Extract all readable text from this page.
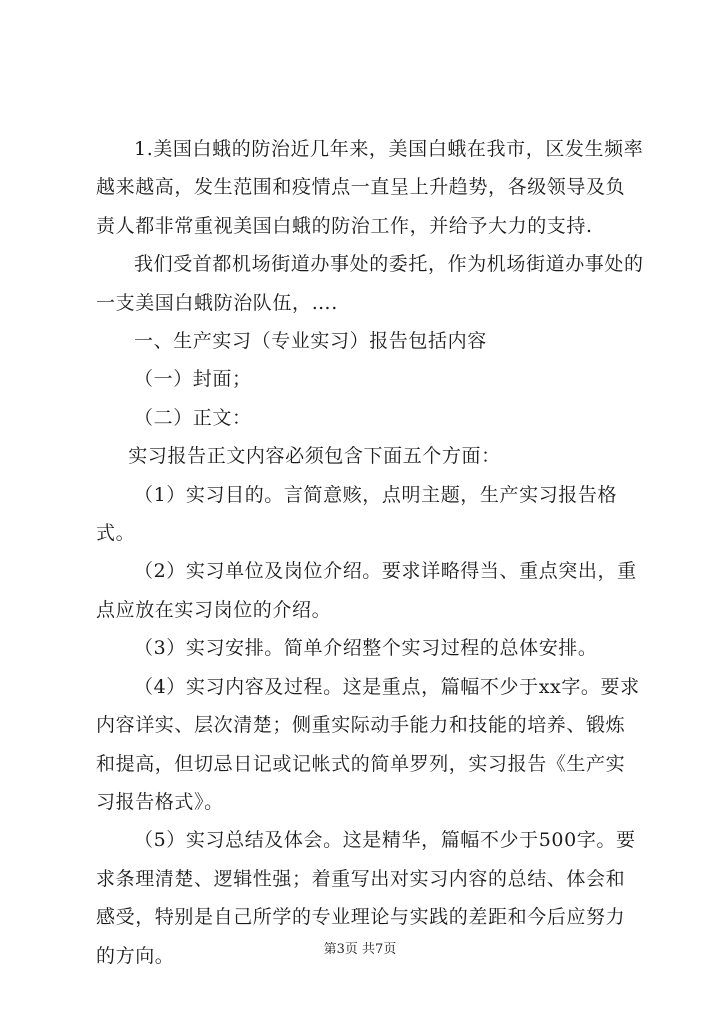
1.美国白蛾的防治近几年来，美国白蛾在我市，区发生频率越来越高，发生范围和疫情点一直呈上升趋势，各级领导及负责人都非常重视美国白蛾的防治工作，并给予大力的支持.

我们受首都机场街道办事处的委托，作为机场街道办事处的一支美国白蛾防治队伍，….

一、生产实习（专业实习）报告包括内容

（一）封面；

（二）正文：

实习报告正文内容必须包含下面五个方面：

（1）实习目的。言简意赅，点明主题，生产实习报告格式。

（2）实习单位及岗位介绍。要求详略得当、重点突出，重点应放在实习岗位的介绍。

（3）实习安排。简单介绍整个实习过程的总体安排。

（4）实习内容及过程。这是重点，篇幅不少于xx字。要求内容详实、层次清楚；侧重实际动手能力和技能的培养、锻炼和提高，但切忌日记或记帐式的简单罗列，实习报告《生产实习报告格式》。

（5）实习总结及体会。这是精华，篇幅不少于500字。要求条理清楚、逻辑性强；着重写出对实习内容的总结、体会和感受，特别是自己所学的专业理论与实践的差距和今后应努力的方向。	第3页 共7页
